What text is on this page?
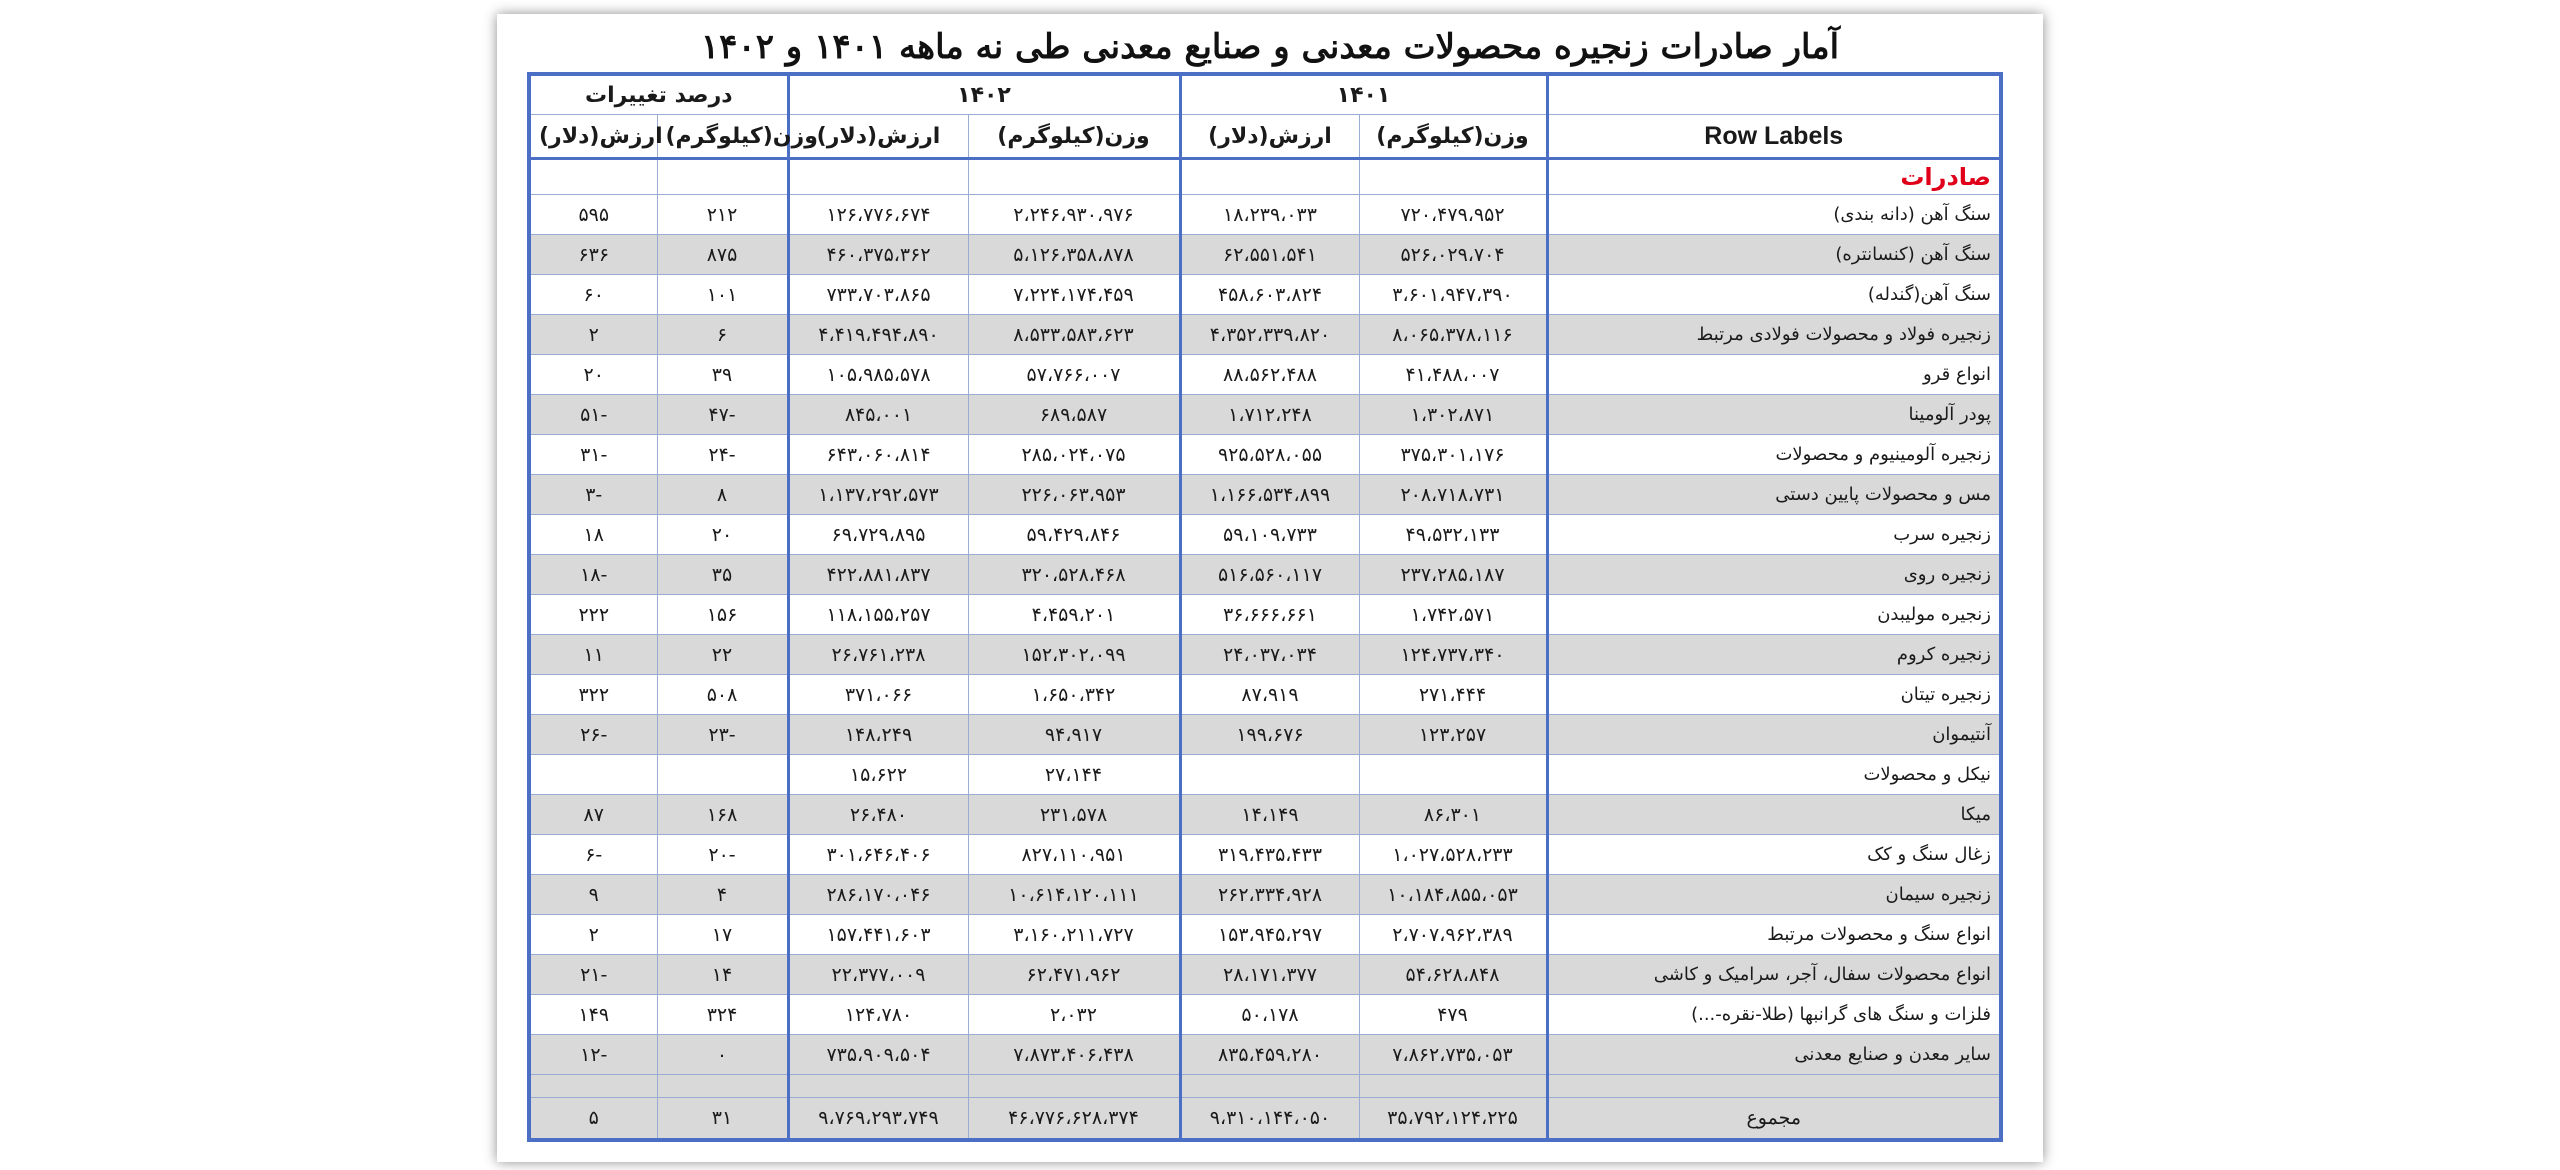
آمار صادرات زنجیره محصولات معدنی و صنایع معدنی طی نه ماهه ۱۴۰۱ و ۱۴۰۲
درصد تغییرات		۱۴۰۲		۱۴۰۱		
ارزش(دلار)	وزن(کیلوگرم)	ارزش(دلار)	وزن(کیلوگرم)	ارزش(دلار)	وزن(کیلوگرم)	Row Labels
						صادرات
۵۹۵	۲۱۲	۱۲۶،۷۷۶،۶۷۴	۲،۲۴۶،۹۳۰،۹۷۶	۱۸،۲۳۹،۰۳۳	۷۲۰،۴۷۹،۹۵۲	سنگ آهن (دانه بندی)
۶۳۶	۸۷۵	۴۶۰،۳۷۵،۳۶۲	۵،۱۲۶،۳۵۸،۸۷۸	۶۲،۵۵۱،۵۴۱	۵۲۶،۰۲۹،۷۰۴	سنگ آهن (کنسانتره)
۶۰	۱۰۱	۷۳۳،۷۰۳،۸۶۵	۷،۲۲۴،۱۷۴،۴۵۹	۴۵۸،۶۰۳،۸۲۴	۳،۶۰۱،۹۴۷،۳۹۰	سنگ آهن(گندله)
۲	۶	۴،۴۱۹،۴۹۴،۸۹۰	۸،۵۳۳،۵۸۳،۶۲۳	۴،۳۵۲،۳۳۹،۸۲۰	۸،۰۶۵،۳۷۸،۱۱۶	زنجیره فولاد و محصولات فولادی مرتبط
۲۰	۳۹	۱۰۵،۹۸۵،۵۷۸	۵۷،۷۶۶،۰۰۷	۸۸،۵۶۲،۴۸۸	۴۱،۴۸۸،۰۰۷	انواع قرو
-۵۱	-۴۷	۸۴۵،۰۰۱	۶۸۹،۵۸۷	۱،۷۱۲،۲۴۸	۱،۳۰۲،۸۷۱	پودر آلومینا
-۳۱	-۲۴	۶۴۳،۰۶۰،۸۱۴	۲۸۵،۰۲۴،۰۷۵	۹۲۵،۵۲۸،۰۵۵	۳۷۵،۳۰۱،۱۷۶	زنجیره آلومینیوم و محصولات
-۳	۸	۱،۱۳۷،۲۹۲،۵۷۳	۲۲۶،۰۶۳،۹۵۳	۱،۱۶۶،۵۳۴،۸۹۹	۲۰۸،۷۱۸،۷۳۱	مس و محصولات پایین دستی
۱۸	۲۰	۶۹،۷۲۹،۸۹۵	۵۹،۴۲۹،۸۴۶	۵۹،۱۰۹،۷۳۳	۴۹،۵۳۲،۱۳۳	زنجیره سرب
-۱۸	۳۵	۴۲۲،۸۸۱،۸۳۷	۳۲۰،۵۲۸،۴۶۸	۵۱۶،۵۶۰،۱۱۷	۲۳۷،۲۸۵،۱۸۷	زنجیره روی
۲۲۲	۱۵۶	۱۱۸،۱۵۵،۲۵۷	۴،۴۵۹،۲۰۱	۳۶،۶۶۶،۶۶۱	۱،۷۴۲،۵۷۱	زنجیره مولیبدن
۱۱	۲۲	۲۶،۷۶۱،۲۳۸	۱۵۲،۳۰۲،۰۹۹	۲۴،۰۳۷،۰۳۴	۱۲۴،۷۳۷،۳۴۰	زنجیره کروم
۳۲۲	۵۰۸	۳۷۱،۰۶۶	۱،۶۵۰،۳۴۲	۸۷،۹۱۹	۲۷۱،۴۴۴	زنجیره تیتان
-۲۶	-۲۳	۱۴۸،۲۴۹	۹۴،۹۱۷	۱۹۹،۶۷۶	۱۲۳،۲۵۷	آنتیموان
		۱۵،۶۲۲	۲۷،۱۴۴			نیکل و محصولات
۸۷	۱۶۸	۲۶،۴۸۰	۲۳۱،۵۷۸	۱۴،۱۴۹	۸۶،۳۰۱	میکا
-۶	-۲۰	۳۰۱،۶۴۶،۴۰۶	۸۲۷،۱۱۰،۹۵۱	۳۱۹،۴۳۵،۴۳۳	۱،۰۲۷،۵۲۸،۲۳۳	زغال سنگ و کک
۹	۴	۲۸۶،۱۷۰،۰۴۶	۱۰،۶۱۴،۱۲۰،۱۱۱	۲۶۲،۳۳۴،۹۲۸	۱۰،۱۸۴،۸۵۵،۰۵۳	زنجیره سیمان
۲	۱۷	۱۵۷،۴۴۱،۶۰۳	۳،۱۶۰،۲۱۱،۷۲۷	۱۵۳،۹۴۵،۲۹۷	۲،۷۰۷،۹۶۲،۳۸۹	انواع سنگ و محصولات مرتبط
-۲۱	۱۴	۲۲،۳۷۷،۰۰۹	۶۲،۴۷۱،۹۶۲	۲۸،۱۷۱،۳۷۷	۵۴،۶۲۸،۸۴۸	انواع محصولات سفال، آجر، سرامیک و کاشی
۱۴۹	۳۲۴	۱۲۴،۷۸۰	۲،۰۳۲	۵۰،۱۷۸	۴۷۹	فلزات و سنگ های گرانبها (طلا-نقره-...)
-۱۲	۰	۷۳۵،۹۰۹،۵۰۴	۷،۸۷۳،۴۰۶،۴۳۸	۸۳۵،۴۵۹،۲۸۰	۷،۸۶۲،۷۳۵،۰۵۳	سایر معدن و صنایع معدنی

۵	۳۱	۹،۷۶۹،۲۹۳،۷۴۹	۴۶،۷۷۶،۶۲۸،۳۷۴	۹،۳۱۰،۱۴۴،۰۵۰	۳۵،۷۹۲،۱۲۴،۲۲۵	مجموع
